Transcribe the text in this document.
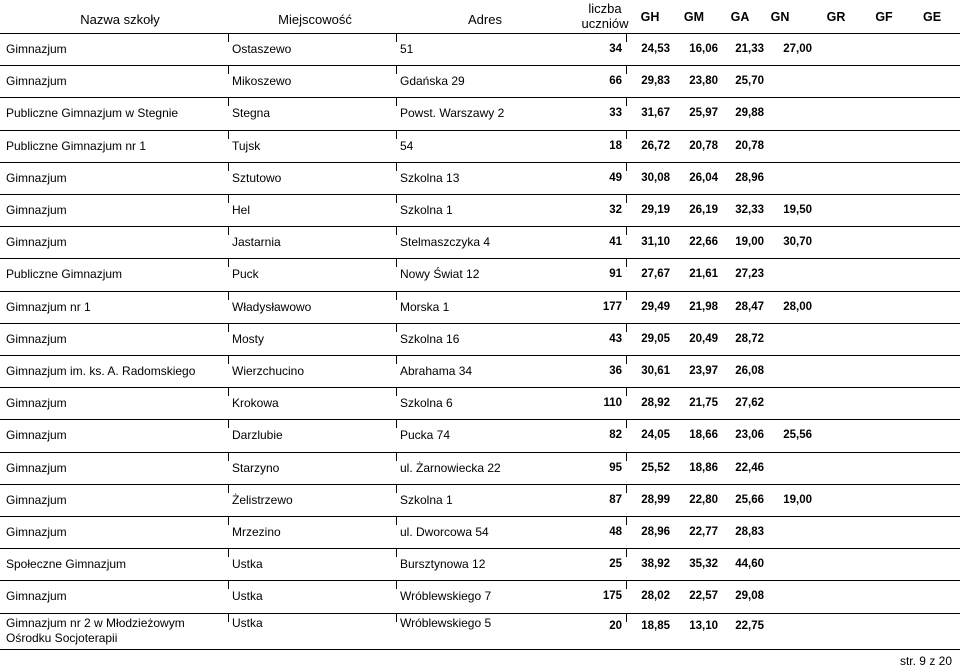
Nazwa szkoły	Miejscowość	Adres
liczba
uczniów GH	GM	GA	GN	GR	GF	GE
Gimnazjum	Ostaszewo	51	34 24,53 16,06 21,33 27,00
Gimnazjum	Mikoszewo	Gdańska 29	66 29,83 23,80 25,70
Publiczne Gimnazjum w Stegnie	Stegna	Powst. Warszawy 2	33 31,67 25,97 29,88
Publiczne Gimnazjum nr 1	Tujsk	54	18 26,72 20,78 20,78
Gimnazjum	Sztutowo	Szkolna 13	49 30,08 26,04 28,96
Gimnazjum	Hel	Szkolna 1	32 29,19 26,19 32,33 19,50
Gimnazjum	Jastarnia	Stelmaszczyka 4	41 31,10 22,66 19,00 30,70
Publiczne Gimnazjum	Puck	Nowy Świat 12	91 27,67 21,61 27,23
Gimnazjum nr 1	Władysławowo	Morska 1	177 29,49 21,98 28,47 28,00
Gimnazjum	Mosty	Szkolna 16	43 29,05 20,49 28,72
Gimnazjum im. ks. A. Radomskiego	Wierzchucino	Abrahama 34	36 30,61 23,97 26,08
Gimnazjum	Krokowa	Szkolna 6	110 28,92 21,75 27,62
Gimnazjum	Darzlubie	Pucka 74	82 24,05 18,66 23,06 25,56
Gimnazjum	Starzyno	ul. Żarnowiecka 22	95 25,52 18,86 22,46
Gimnazjum	Żelistrzewo	Szkolna 1	87 28,99 22,80 25,66 19,00
Gimnazjum	Mrzezino	ul. Dworcowa 54	48 28,96 22,77 28,83
Społeczne Gimnazjum	Ustka	Bursztynowa 12	25 38,92 35,32 44,60
Gimnazjum	Ustka	Wróblewskiego 7	175 28,02 22,57 29,08
Gimnazjum nr 2 w Młodzieżowym	Ustka	Wróblewskiego 5	20 18,85 13,10 22,75
Ośrodku Socjoterapii
str. 9 z 20
